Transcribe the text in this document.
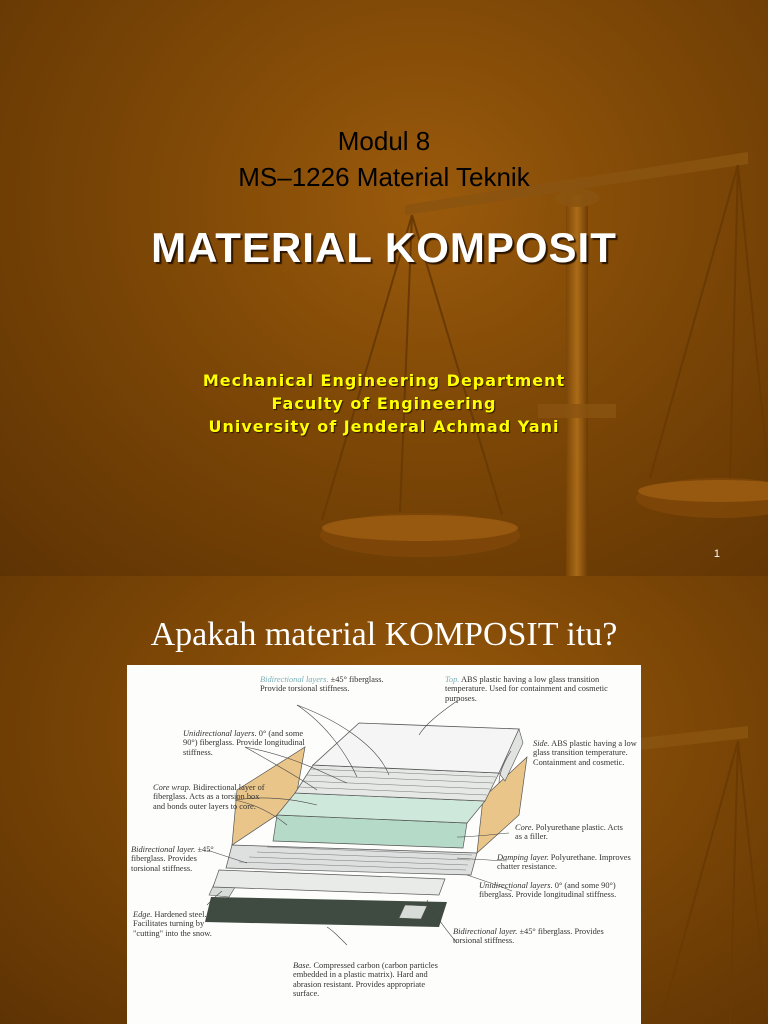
Modul 8
MS–1226 Material Teknik
MATERIAL KOMPOSIT
Mechanical Engineering Department
Faculty of Engineering
University of Jenderal Achmad Yani
1
Apakah material KOMPOSIT itu?
Bidirectional layers. ±45° fiberglass. Provide torsional stiffness.
Top. ABS plastic having a low glass transition temperature. Used for containment and cosmetic purposes.
Unidirectional layers. 0° (and some 90°) fiberglass. Provide longitudinal stiffness.
Side. ABS plastic having a low glass transition temperature. Containment and cosmetic.
Core wrap. Bidirectional layer of fiberglass. Acts as a torsion box and bonds outer layers to core.
Core. Polyurethane plastic. Acts as a filler.
Bidirectional layer. ±45° fiberglass. Provides torsional stiffness.
Damping layer. Polyurethane. Improves chatter resistance.
Unidirectional layers. 0° (and some 90°) fiberglass. Provide longitudinal stiffness.
Edge. Hardened steel. Facilitates turning by "cutting" into the snow.	Bidirectional layer. ±45° fiberglass. Provides torsional stiffness.
Base. Compressed carbon (carbon particles embedded in a plastic matrix). Hard and abrasion resistant. Provides appropriate surface.
